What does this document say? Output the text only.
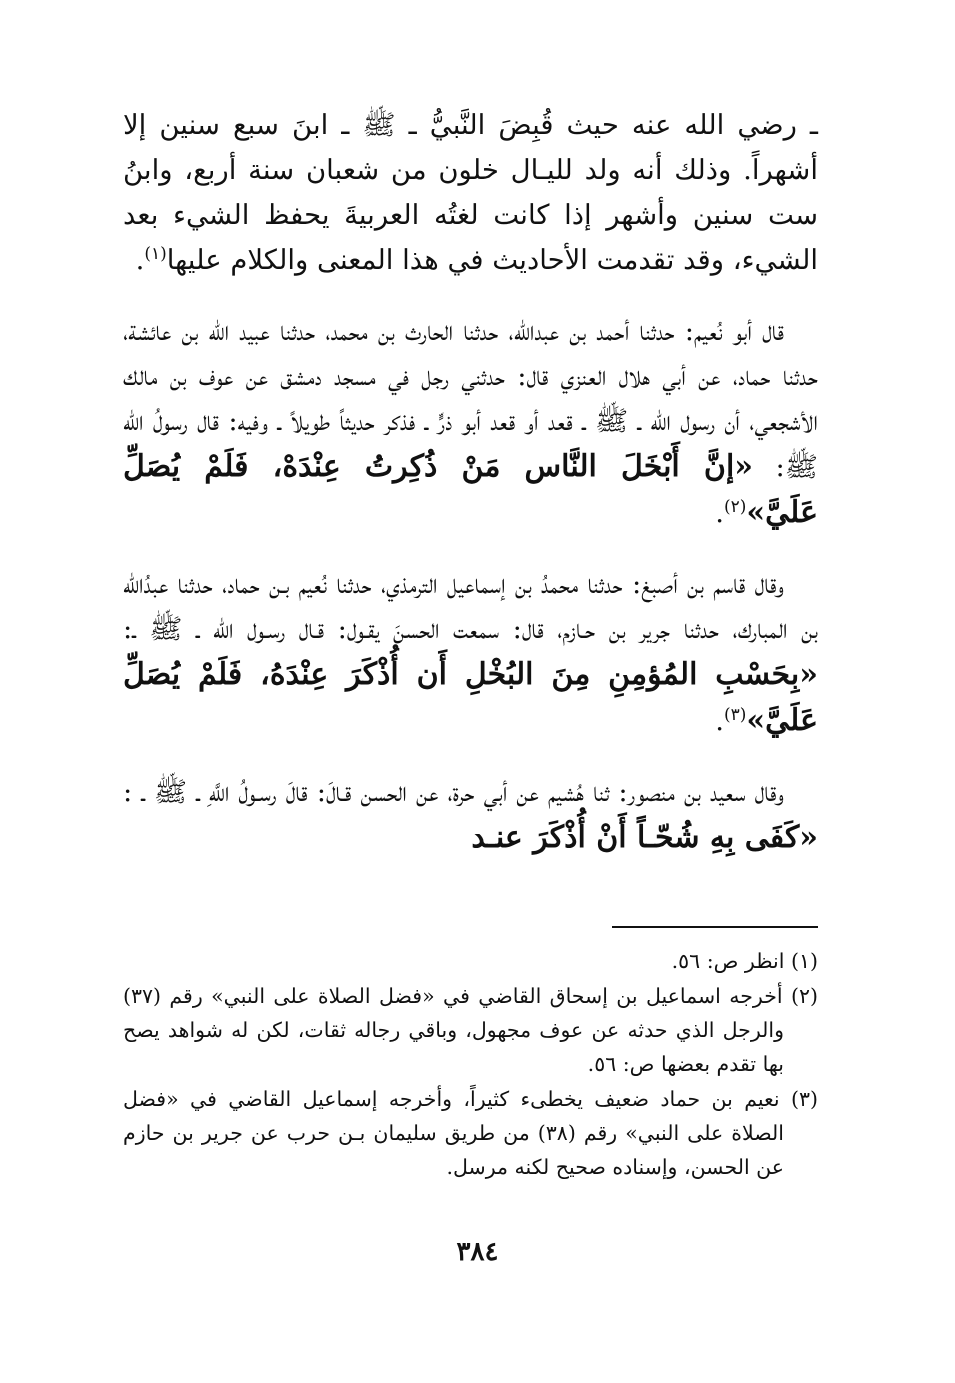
ـ رضي الله عنه حيث قُبِضَ النَّبيُّ ـ ﷺ ـ ابنَ سبع سنين إلا أشهراً. وذلك أنه ولد لليـال خلون من شعبان سنة أربع، وابنُ ست سنين وأشهر إذا كانت لغتُه العربيةَ يحفظ الشيء بعد الشيء، وقد تقدمت الأحاديث في هذا المعنى والكلام عليها$^{(١)}$.

قال أبو نُعيم: حدثنا أحمد بن عبدالله، حدثنا الحارث بن محمد، حدثنا عبيد الله بن عائشة، حدثنا حماد، عن أبي هلال العنزي قال: حدثني رجل في مسجد دمشق عن عوف بن مالك الأشجعي، أن رسول الله ـ ﷺ ـ قعد أو قعد أبو ذرٍّ ـ فذكر حديثاً طويلاً ـ وفيه: قال رسولُ الله ﷺ: «إنَّ أَبْخَلَ النَّاس مَنْ ذُكِرتُ عِنْدَهْ، فَلَمْ يُصَلِّ عَلَيَّ»$^{(٢)}$.

وقال قاسم بن أصبغ: حدثنا محمدُ بن إسماعيل الترمذي، حدثنا نُعيم بـن حماد، حدثنا عبدُالله بن المبارك، حدثنا جرير بن حـازم، قال: سمعت الحسنَ يقـول: قـال رسـول الله ـ ﷺ ـ: «بِحَسْبِ المُؤمِنِ مِنَ البُخْلِ أَن أُذْكَرَ عِنْدَهُ، فَلَمْ يُصَلِّ عَلَيَّ»$^{(٣)}$.

وقال سعيد بن منصور: ثنا هُشيم عن أبي حرة، عن الحسن قـالَ: قالَ رسـولُ اللَّهِ ـ ﷺ ـ : «كَفَى بِهِ شُحّـاً أَنْ أُذْكَرَ عنـد

(١) انظر ص: ٥٦.
(٢) أخرجه اسماعيل بن إسحاق القاضي في «فضل الصلاة على النبي» رقم (٣٧) والرجل الذي حدثه عن عوف مجهول، وباقي رجاله ثقات، لكن له شواهد يصح بها تقدم بعضها ص: ٥٦.
(٣) نعيم بن حماد ضعيف يخطىء كثيراً، وأخرجه إسماعيل القاضي في «فضل الصلاة على النبي» رقم (٣٨) من طريق سليمان بـن حرب عن جرير بن حازم عن الحسن، وإسناده صحيح لكنه مرسل.
٣٨٤
